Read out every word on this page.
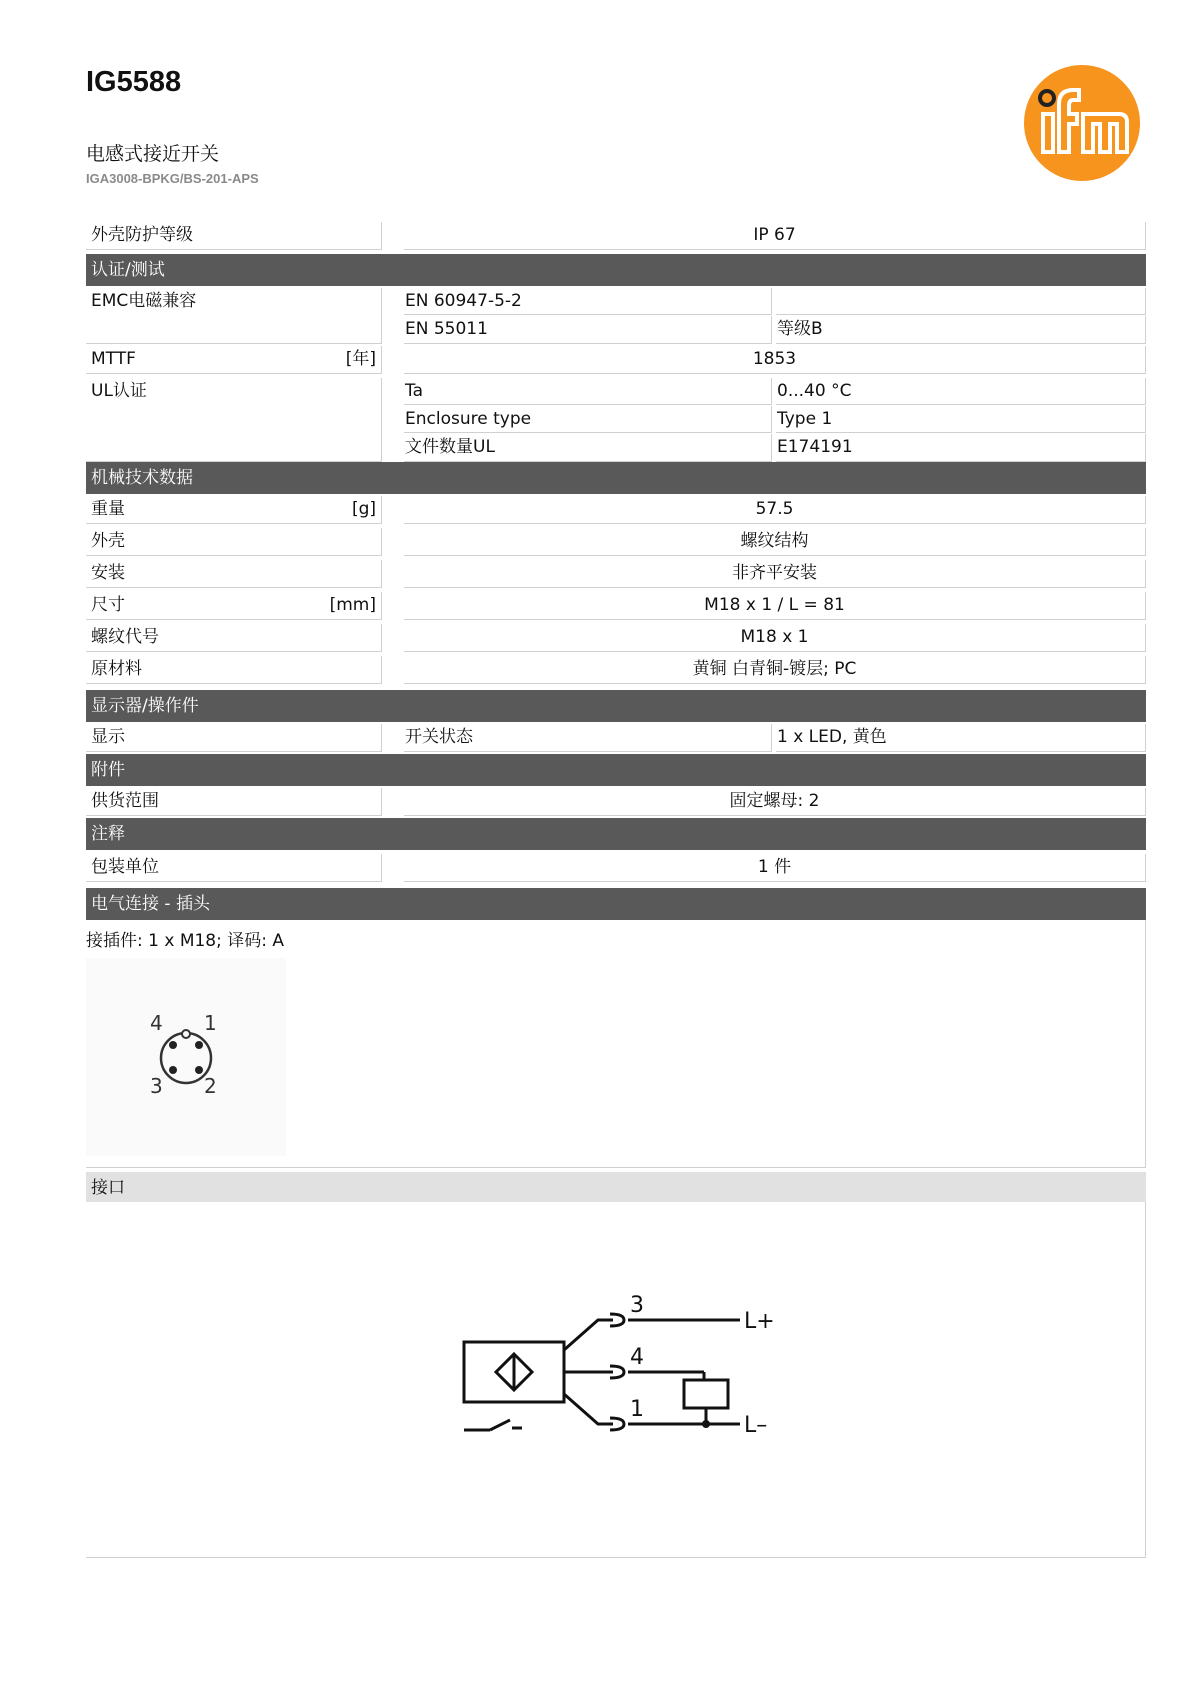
IG5588
电感式接近开关
IGA3008-BPKG/BS-201-APS
外壳防护等级	IP 67
认证/测试
EMC电磁兼容	EN 60947-5-2
EN 55011	等级B
MTTF	[年]	1853
UL认证	Ta	0...40 °C
Enclosure type	Type 1
文件数量UL	E174191
机械技术数据
重量	[g]	57.5
外壳	螺纹结构
安装	非齐平安装
尺寸	[mm]	M18 x 1 / L = 81
螺纹代号	M18 x 1
原材料	黄铜 白青铜-镀层; PC
显示器/操作件
显示	开关状态	1 x LED, 黄色
附件
供货范围	固定螺母: 2
注释
包装单位	1 件
电气连接 - 插头
接插件: 1 x M18; 译码: A
4 1
3 2
接口
3
4
1
L+
L–
